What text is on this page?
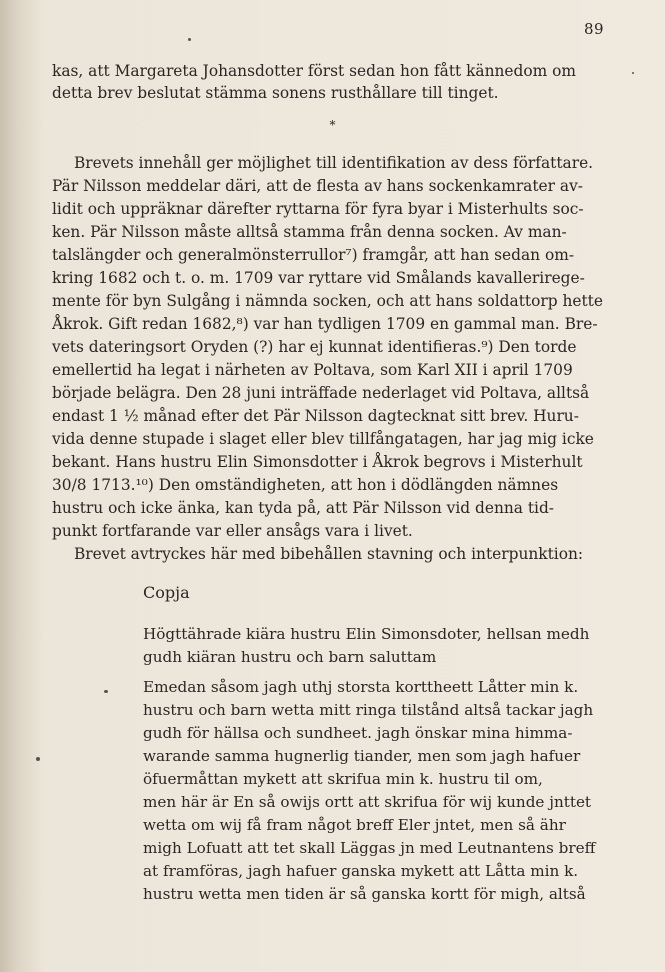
89
kas, att Margareta Johansdotter först sedan hon fått kännedom om
detta brev beslutat stämma sonens rusthållare till tinget.
*
Brevets innehåll ger möjlighet till identifikation av dess författare.
Pär Nilsson meddelar däri, att de flesta av hans sockenkamrater av-
lidit och uppräknar därefter ryttarna för fyra byar i Misterhults soc-
ken. Pär Nilsson måste alltså stamma från denna socken. Av man-
talslängder och generalmönsterrullor⁷) framgår, att han sedan om-
kring 1682 och t. o. m. 1709 var ryttare vid Smålands kavalleriregе-
mente för byn Sulgång i nämnda socken, och att hans soldattorp hette
Åkrok. Gift redan 1682,⁸) var han tydligen 1709 en gammal man. Bre-
vets dateringsort Oryden (?) har ej kunnat identifieras.⁹) Den torde
emellertid ha legat i närheten av Poltava, som Karl XII i april 1709
började belägra. Den 28 juni inträffade nederlaget vid Poltava, alltså
endast 1 ½ månad efter det Pär Nilsson dagtecknat sitt brev. Huru-
vida denne stupade i slaget eller blev tillfångatagen, har jag mig icke
bekant. Hans hustru Elin Simonsdotter i Åkrok begrovs i Misterhult
30/8 1713.¹⁰) Den omständigheten, att hon i dödlängden nämnes
hustru och icke änka, kan tyda på, att Pär Nilsson vid denna tid-
punkt fortfarande var eller ansågs vara i livet.
Brevet avtryckes här med bibehållen stavning och interpunktion:
Copja
Högttährade kiära hustru Elin Simonsdoter, hellsan medh
gudh kiäran hustru och barn saluttam
Emedan såsom jagh uthj storsta kortthеett Låtter min k.
hustru och barn wetta mitt ringa tilstånd altså tackar jagh
gudh för hällsa och sundheet. jagh önskar mina himma-
warande samma hugnerlig tiander, men som jagh hafuer
öfuermåttan mykett att skrifua min k. hustru til om,
men här är En så owijs ortt att skrifua för wij kunde jnttet
wetta om wij få fram något breff Eler jntet, men så ähr
migh Lofuatt att tet skall Läggas jn med Leutnantens breff
at framföras, jagh hafuer ganska mykett att Låtta min k.
hustru wetta men tiden är så ganska kortt för migh, altså
